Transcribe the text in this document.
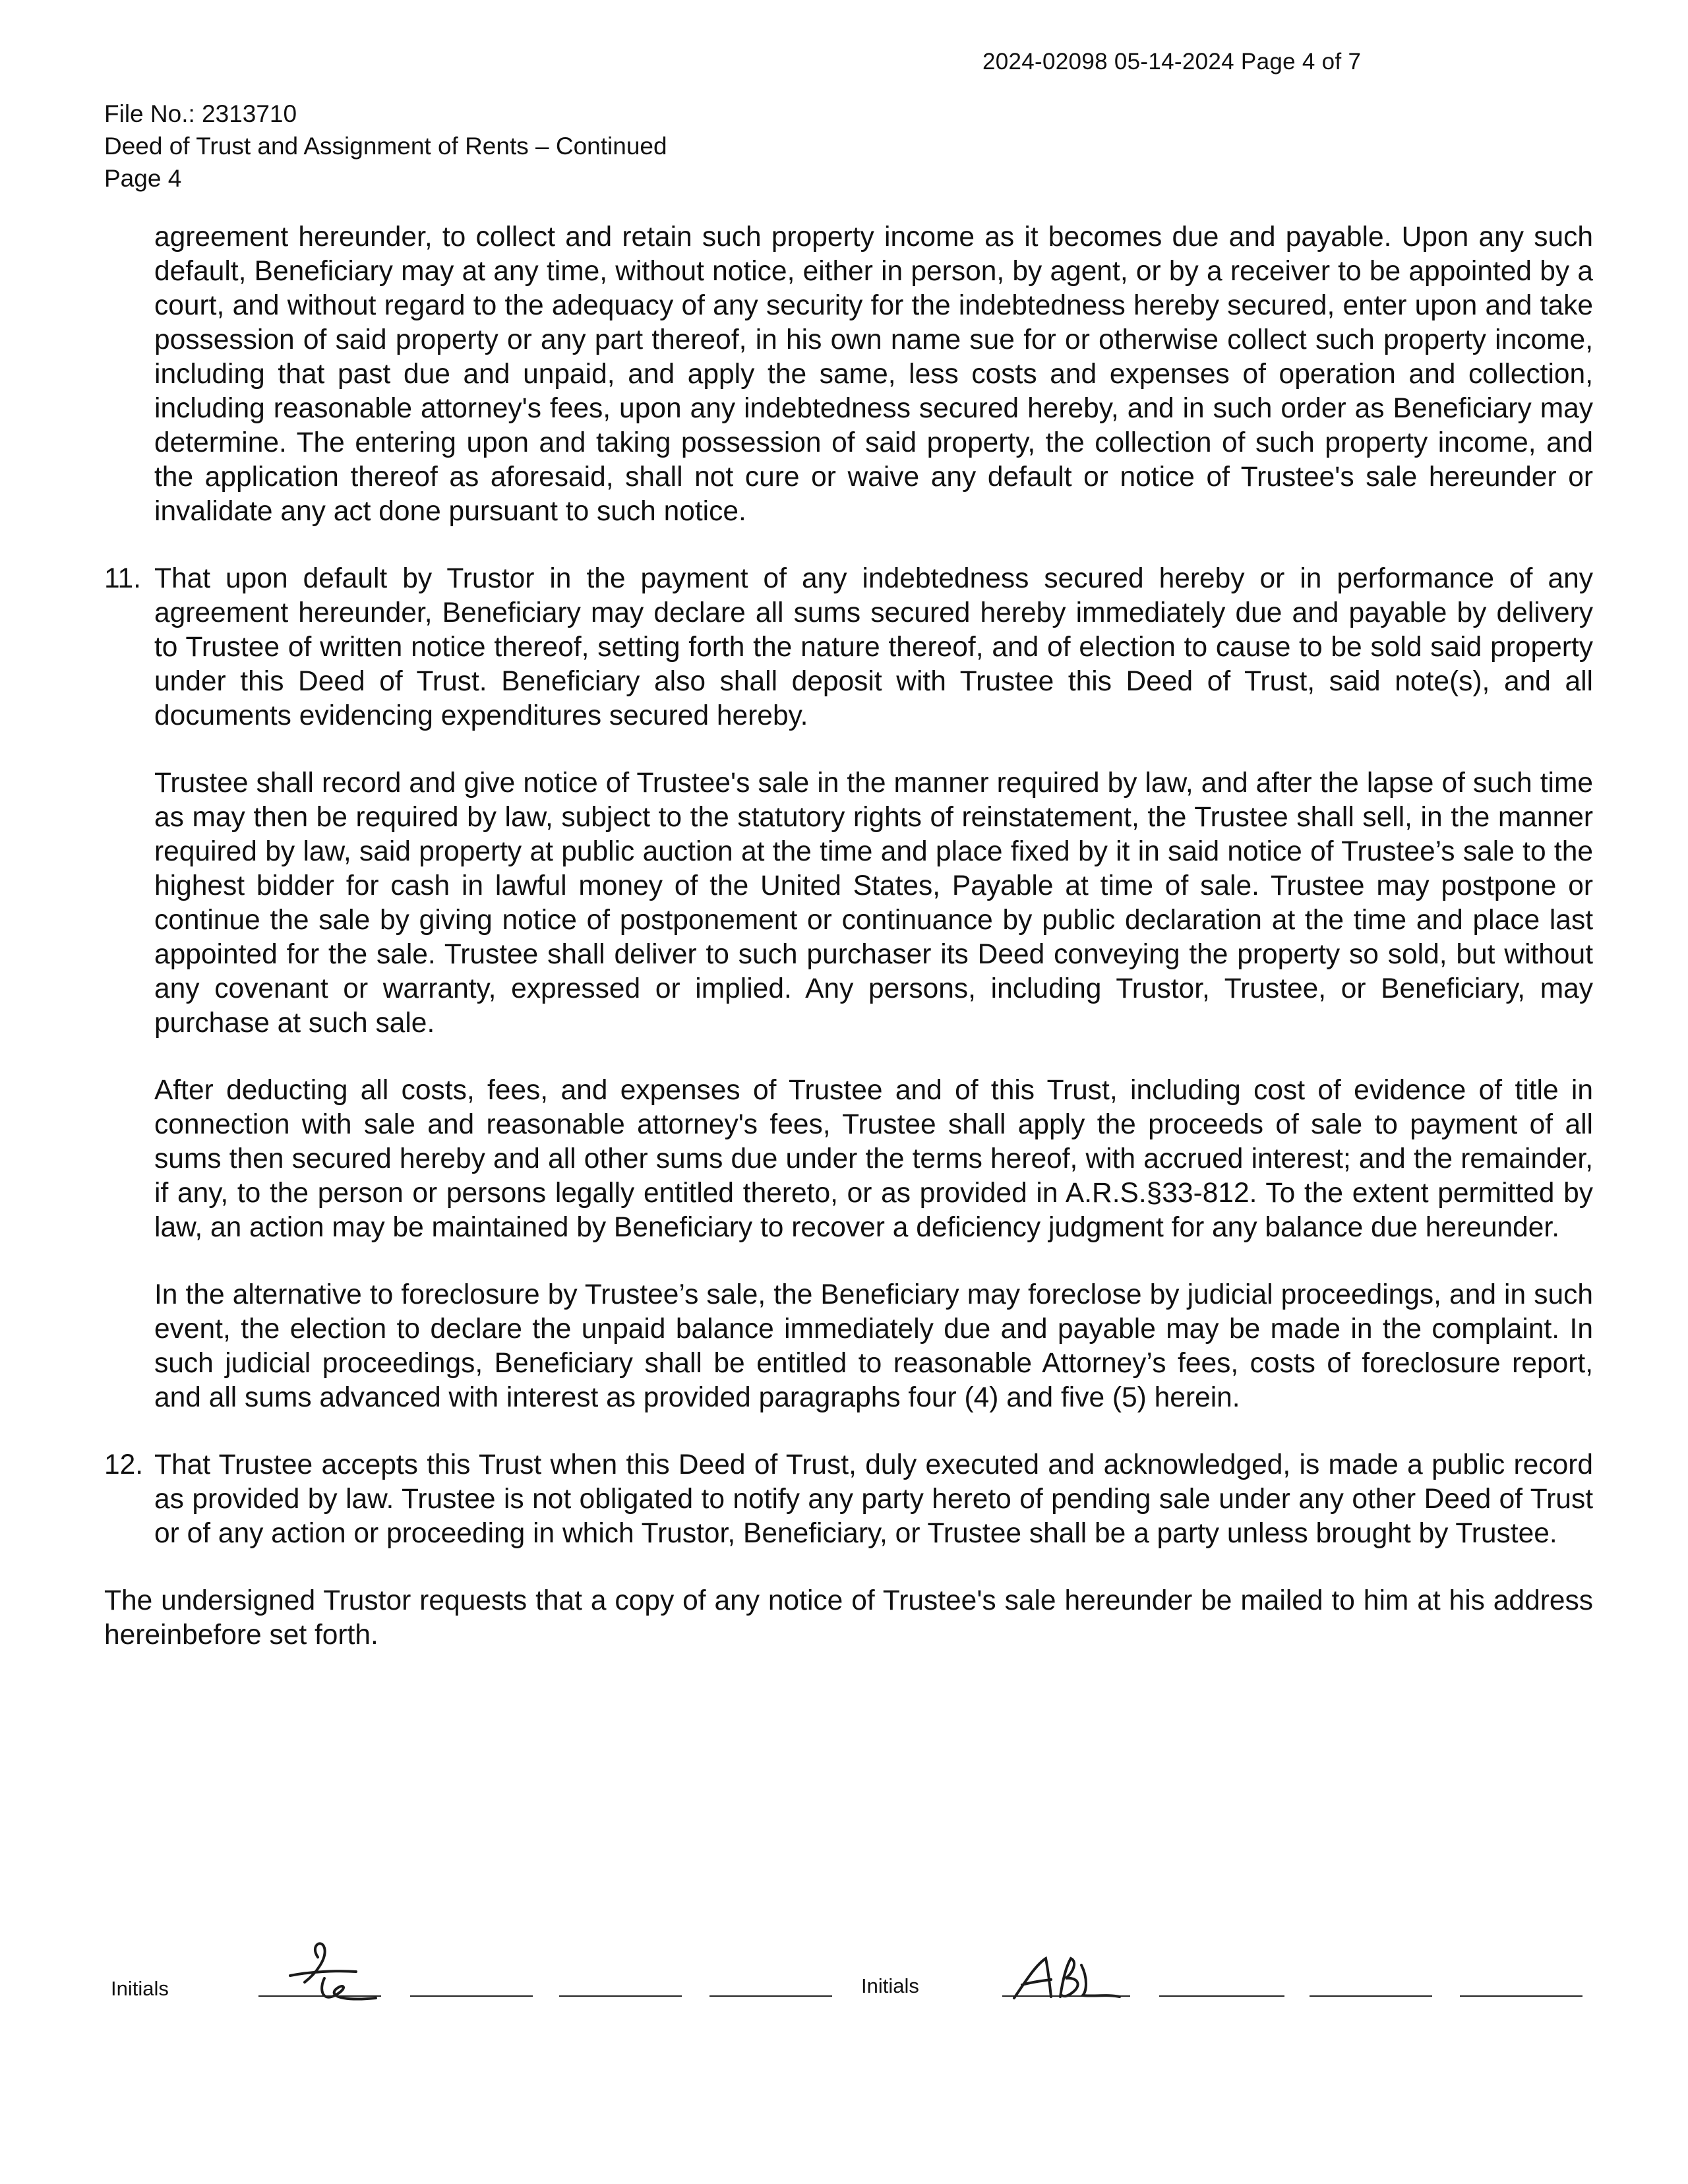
2024-02098 05-14-2024 Page 4 of 7
File No.: 2313710
Deed of Trust and Assignment of Rents – Continued
Page 4

agreement hereunder, to collect and retain such property income as it becomes due and payable. Upon any such default, Beneficiary may at any time, without notice, either in person, by agent, or by a receiver to be appointed by a court, and without regard to the adequacy of any security for the indebtedness hereby secured, enter upon and take possession of said property or any part thereof, in his own name sue for or otherwise collect such property income, including that past due and unpaid, and apply the same, less costs and expenses of operation and collection, including reasonable attorney's fees, upon any indebtedness secured hereby, and in such order as Beneficiary may determine. The entering upon and taking possession of said property, the collection of such property income, and the application thereof as aforesaid, shall not cure or waive any default or notice of Trustee's sale hereunder or invalidate any act done pursuant to such notice.

11. That upon default by Trustor in the payment of any indebtedness secured hereby or in performance of any agreement hereunder, Beneficiary may declare all sums secured hereby immediately due and payable by delivery to Trustee of written notice thereof, setting forth the nature thereof, and of election to cause to be sold said property under this Deed of Trust. Beneficiary also shall deposit with Trustee this Deed of Trust, said note(s), and all documents evidencing expenditures secured hereby.

Trustee shall record and give notice of Trustee's sale in the manner required by law, and after the lapse of such time as may then be required by law, subject to the statutory rights of reinstatement, the Trustee shall sell, in the manner required by law, said property at public auction at the time and place fixed by it in said notice of Trustee’s sale to the highest bidder for cash in lawful money of the United States, Payable at time of sale. Trustee may postpone or continue the sale by giving notice of postponement or continuance by public declaration at the time and place last appointed for the sale. Trustee shall deliver to such purchaser its Deed conveying the property so sold, but without any covenant or warranty, expressed or implied. Any persons, including Trustor, Trustee, or Beneficiary, may purchase at such sale.

After deducting all costs, fees, and expenses of Trustee and of this Trust, including cost of evidence of title in connection with sale and reasonable attorney's fees, Trustee shall apply the proceeds of sale to payment of all sums then secured hereby and all other sums due under the terms hereof, with accrued interest; and the remainder, if any, to the person or persons legally entitled thereto, or as provided in A.R.S.§33-812. To the extent permitted by law, an action may be maintained by Beneficiary to recover a deficiency judgment for any balance due hereunder.

In the alternative to foreclosure by Trustee’s sale, the Beneficiary may foreclose by judicial proceedings, and in such event, the election to declare the unpaid balance immediately due and payable may be made in the complaint. In such judicial proceedings, Beneficiary shall be entitled to reasonable Attorney’s fees, costs of foreclosure report, and all sums advanced with interest as provided paragraphs four (4) and five (5) herein.

12. That Trustee accepts this Trust when this Deed of Trust, duly executed and acknowledged, is made a public record as provided by law. Trustee is not obligated to notify any party hereto of pending sale under any other Deed of Trust or of any action or proceeding in which Trustor, Beneficiary, or Trustee shall be a party unless brought by Trustee.

The undersigned Trustor requests that a copy of any notice of Trustee's sale hereunder be mailed to him at his address hereinbefore set forth.

Initials	Initials
